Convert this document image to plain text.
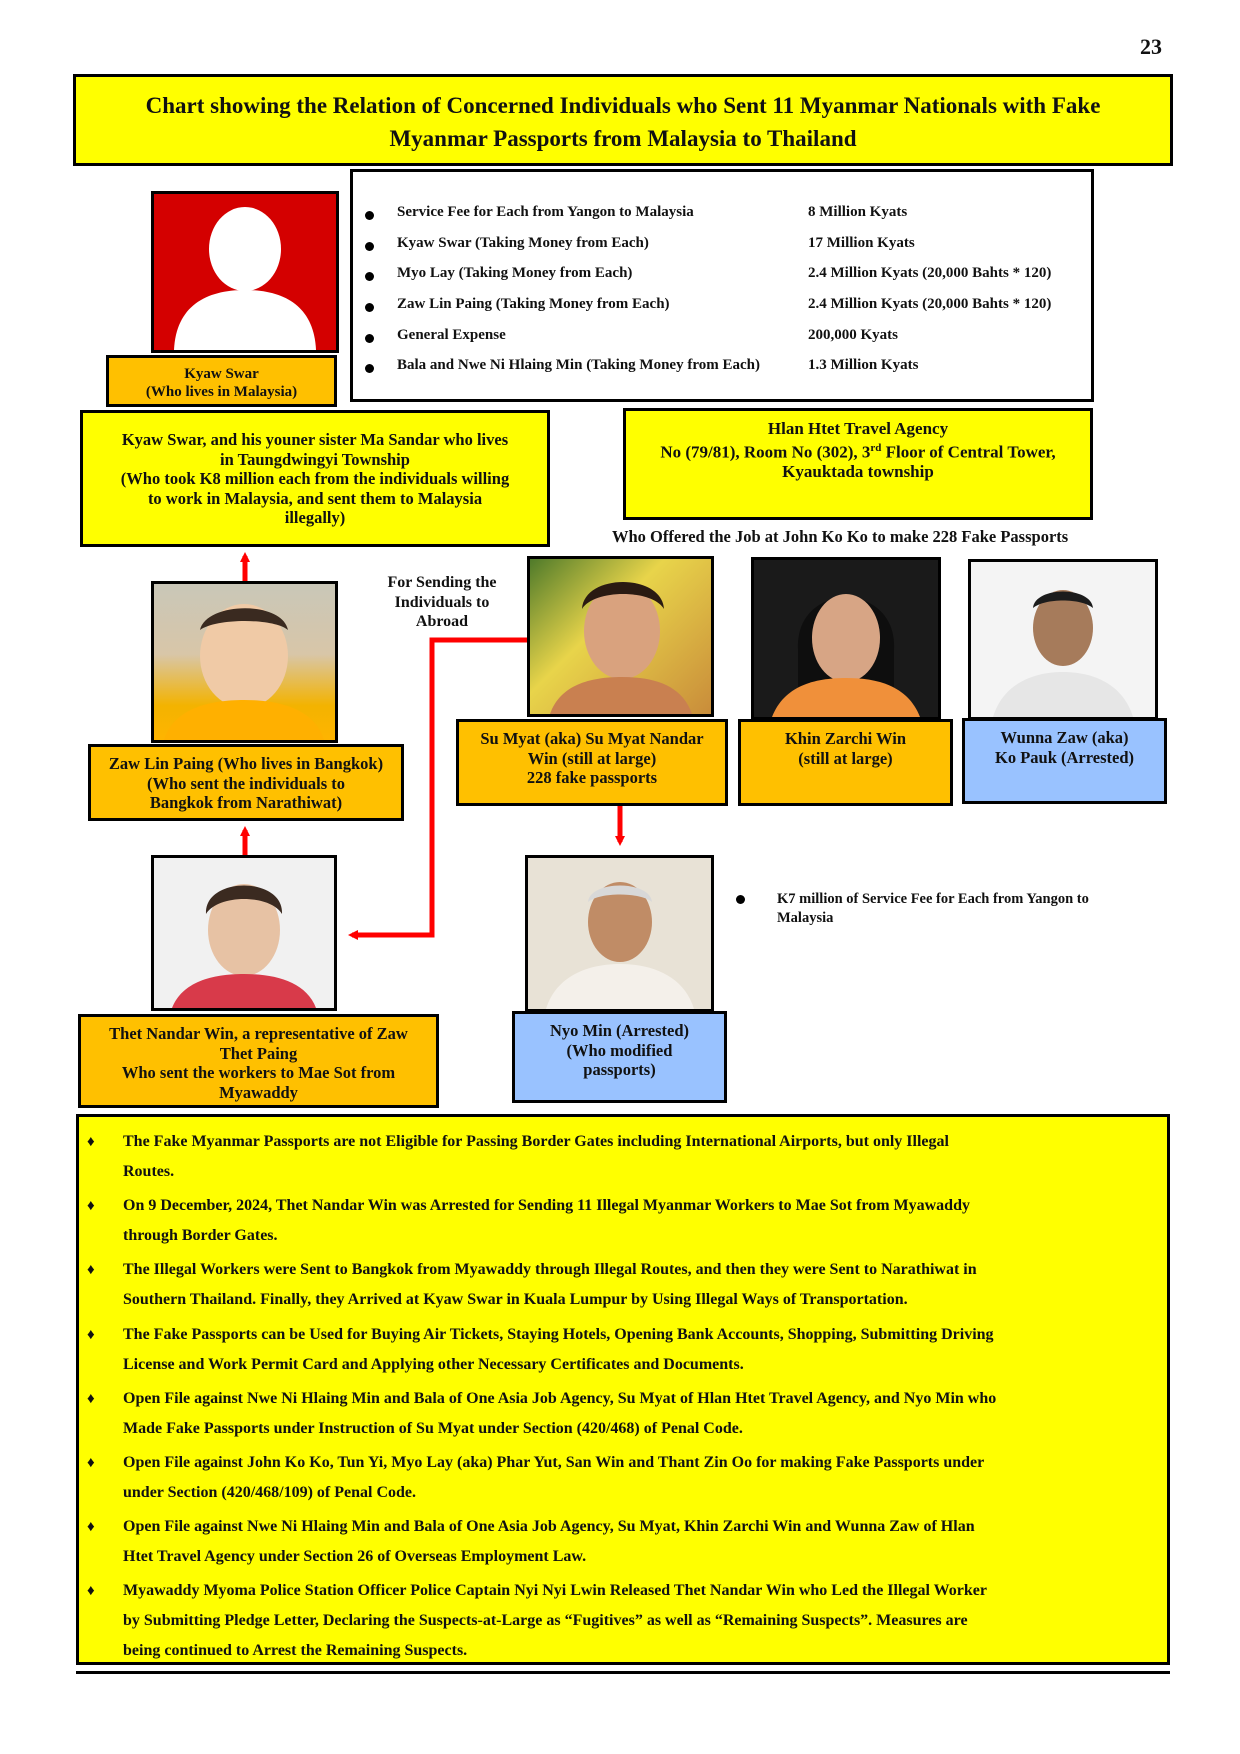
23
Chart showing the Relation of Concerned Individuals who Sent 11 Myanmar Nationals with Fake
Myanmar Passports from Malaysia to Thailand
Service Fee for Each from Yangon to Malaysia	8 Million Kyats
Kyaw Swar (Taking Money from Each)	17 Million Kyats
Myo Lay (Taking Money from Each)	2.4 Million Kyats (20,000 Bahts * 120)
Zaw Lin Paing (Taking Money from Each)	2.4 Million Kyats (20,000 Bahts * 120)
General Expense	200,000 Kyats
Bala and Nwe Ni Hlaing Min (Taking Money from Each)	1.3 Million Kyats
Kyaw Swar
(Who lives in Malaysia)
Kyaw Swar, and his youner sister Ma Sandar who lives
in Taungdwingyi Township
(Who took K8 million each from the individuals willing
to work in Malaysia, and sent them to Malaysia
illegally)
Hlan Htet Travel Agency
No (79/81), Room No (302), 3rd Floor of Central Tower,
Kyauktada township
Who Offered the Job at John Ko Ko to make 228 Fake Passports
For Sending the
Individuals to
Abroad
Zaw Lin Paing (Who lives in Bangkok)
(Who sent the individuals to
Bangkok from Narathiwat)
Su Myat (aka) Su Myat Nandar
Win (still at large)
228 fake passports
Khin Zarchi Win
(still at large)
Wunna Zaw (aka)
Ko Pauk (Arrested)
Thet Nandar Win, a representative of Zaw
Thet Paing
Who sent the workers to Mae Sot from
Myawaddy
Nyo Min (Arrested)
(Who modified
passports)
K7 million of Service Fee for Each from Yangon to
Malaysia
♦ The Fake Myanmar Passports are not Eligible for Passing Border Gates including International Airports, but only Illegal
Routes.
♦ On 9 December, 2024, Thet Nandar Win was Arrested for Sending 11 Illegal Myanmar Workers to Mae Sot from Myawaddy
through Border Gates.
♦ The Illegal Workers were Sent to Bangkok from Myawaddy through Illegal Routes, and then they were Sent to Narathiwat in
Southern Thailand. Finally, they Arrived at Kyaw Swar in Kuala Lumpur by Using Illegal Ways of Transportation.
♦ The Fake Passports can be Used for Buying Air Tickets, Staying Hotels, Opening Bank Accounts, Shopping, Submitting Driving
License and Work Permit Card and Applying other Necessary Certificates and Documents.
♦ Open File against Nwe Ni Hlaing Min and Bala of One Asia Job Agency, Su Myat of Hlan Htet Travel Agency, and Nyo Min who
Made Fake Passports under Instruction of Su Myat under Section (420/468) of Penal Code.
♦ Open File against John Ko Ko, Tun Yi, Myo Lay (aka) Phar Yut, San Win and Thant Zin Oo for making Fake Passports under
under Section (420/468/109) of Penal Code.
♦ Open File against Nwe Ni Hlaing Min and Bala of One Asia Job Agency, Su Myat, Khin Zarchi Win and Wunna Zaw of Hlan
Htet Travel Agency under Section 26 of Overseas Employment Law.
♦ Myawaddy Myoma Police Station Officer Police Captain Nyi Nyi Lwin Released Thet Nandar Win who Led the Illegal Worker
by Submitting Pledge Letter, Declaring the Suspects-at-Large as “Fugitives” as well as “Remaining Suspects”. Measures are
being continued to Arrest the Remaining Suspects.
